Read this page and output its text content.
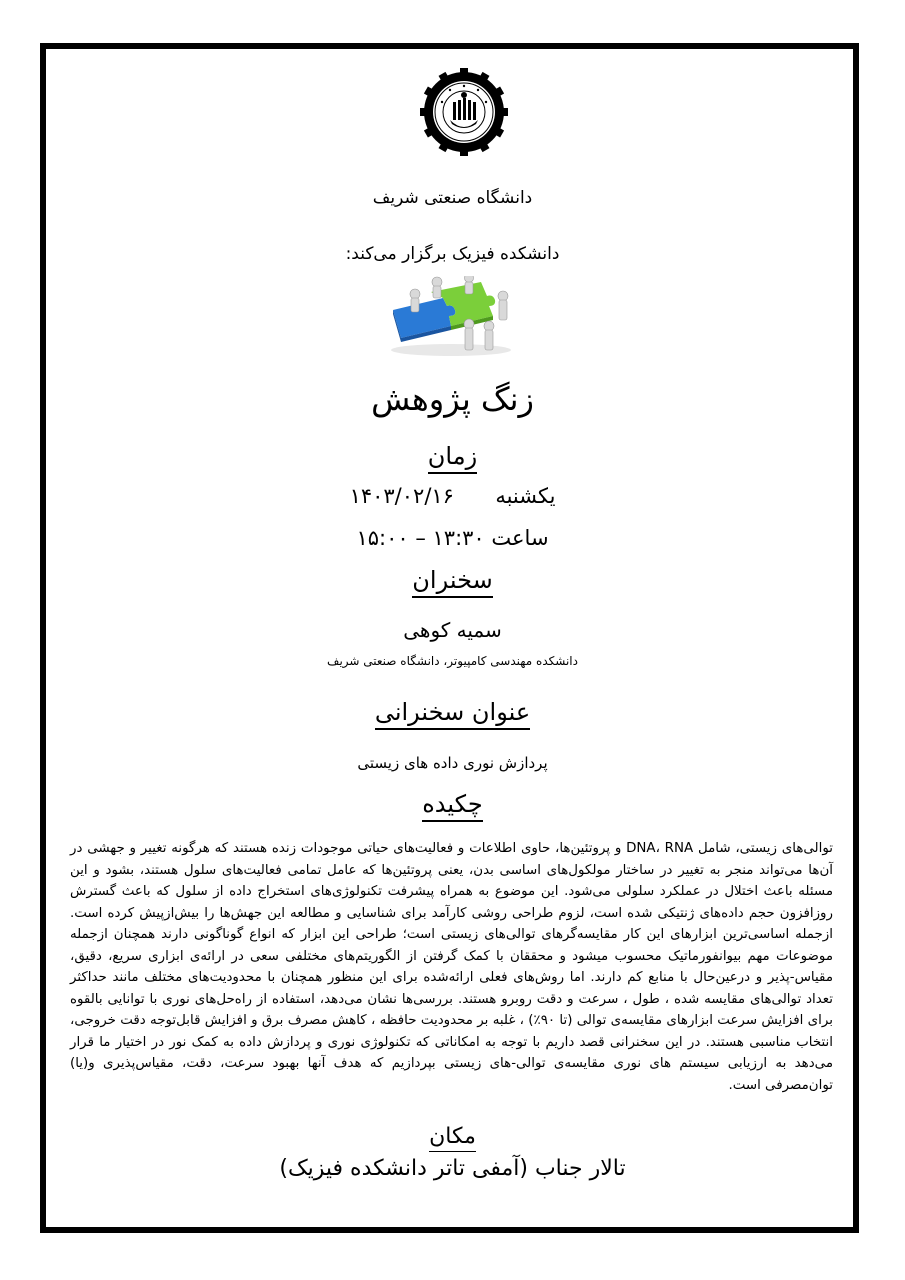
دانشگاه صنعتی شریف
دانشکده فیزیک برگزار می‌کند:
زنگ پژوهش
زمان
یکشنبه  ۱۴۰۳/۰۲/۱۶
ساعت ۱۳:۳۰ – ۱۵:۰۰
سخنران
سمیه کوهی
دانشکده مهندسی کامپیوتر، دانشگاه صنعتی شریف
عنوان سخنرانی
پردازش نوری داده های زیستی
چکیده

توالی‌های زیستی، شامل DNA، RNA و پروتئین‌ها، حاوی اطلاعات و فعالیت‌های حیاتی موجودات زنده هستند که هرگونه تغییر و جهشی در آن‌ها می‌تواند منجر به تغییر در ساختار مولکول‌های اساسی بدن، یعنی پروتئین‌ها که عامل تمامی فعالیت‌های سلول هستند، بشود و این مسئله باعث اختلال در عملکرد سلولی می‌شود. این موضوع به همراه پیشرفت تکنولوژی‌های استخراج داده از سلول که باعث گسترش روزافزون حجم داده‌های ژنتیکی شده است، لزوم طراحی روشی کارآمد برای شناسایی و مطالعه این جهش‌ها را بیش‌ازپیش کرده است. ازجمله اساسی‌ترین ابزارهای این کار مقایسه‌گرهای توالی‌های زیستی است؛ طراحی این ابزار که انواع گوناگونی دارند همچنان ازجمله موضوعات مهم بیوانفورماتیک محسوب میشود و محققان با کمک گرفتن از الگوریتم‌های مختلفی سعی در ارائه‌ی ابزاری سریع، دقیق، مقیاس-پذیر و درعین‌حال با منابع کم دارند. اما روش‌های فعلی ارائه‌شده برای این منظور همچنان با محدودیت‌های مختلف مانند حداکثر تعداد توالی‌های مقایسه شده ، طول ، سرعت و دقت روبرو هستند. بررسی‌ها نشان می‌دهد، استفاده از راه‌حل‌های نوری با توانایی بالقوه برای افزایش سرعت ابزارهای مقایسه‌ی توالی (تا ۹۰٪) ، غلبه بر محدودیت حافظه ، کاهش مصرف برق و افزایش قابل‌توجه دقت خروجی، انتخاب مناسبی هستند. در این سخنرانی قصد داریم با توجه به امکاناتی که تکنولوژی نوری و پردازش داده به کمک نور در اختیار ما قرار می‌دهد به ارزیابی سیستم های نوری مقایسه‌ی توالی-های زیستی بپردازیم که هدف آنها بهبود سرعت، دقت، مقیاس‌پذیری و(یا) توان‌مصرفی است.

مکان
تالار جناب (آمفی تاتر دانشکده فیزیک)
